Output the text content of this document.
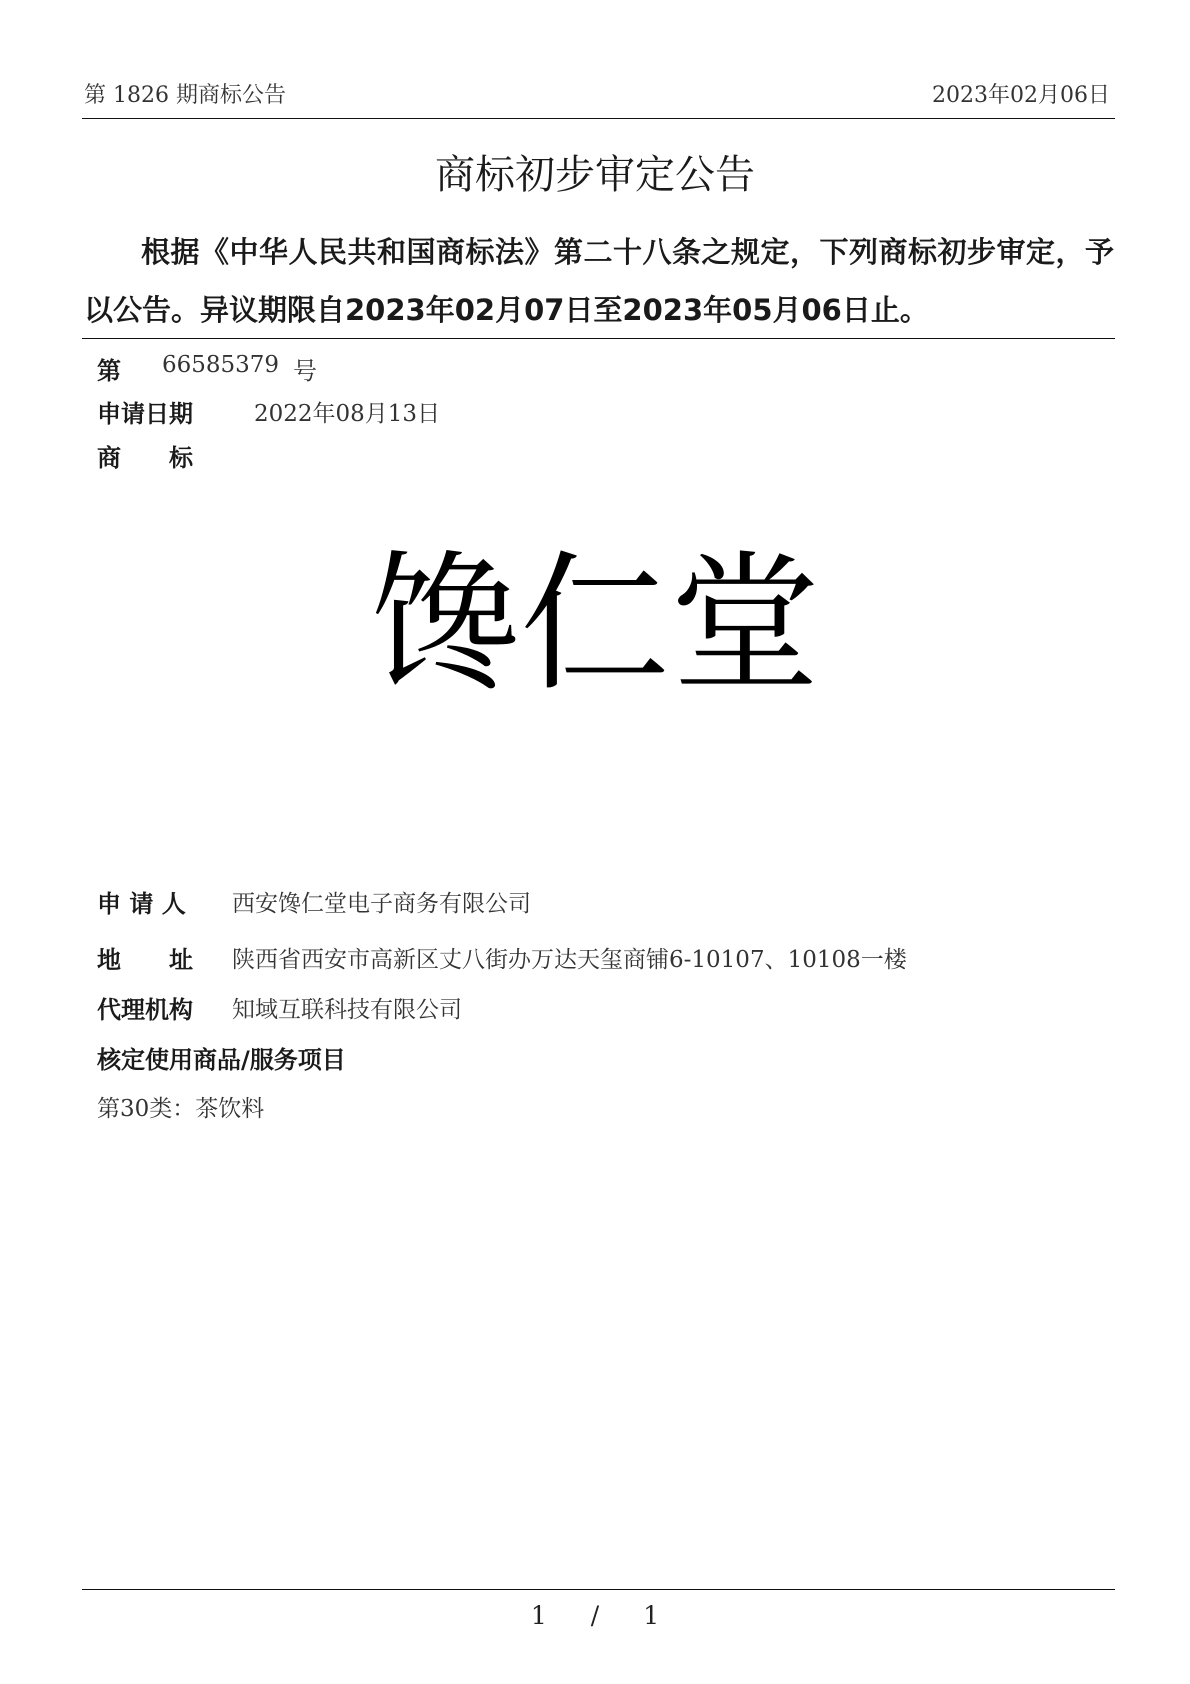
第 1826 期商标公告	2023年02月06日
商标初步审定公告
根据《中华人民共和国商标法》第二十八条之规定，下列商标初步审定，予以公告。异议期限自2023年02月07日至2023年05月06日止。
第 66585379 号
申请日期	2022年08月13日
商　　标
馋仁堂
申 请 人 西安馋仁堂电子商务有限公司
地　　址 陕西省西安市高新区丈八街办万达天玺商铺6-10107、10108一楼
代理机构 知域互联科技有限公司
核定使用商品/服务项目
第30类：茶饮料
1 / 1
